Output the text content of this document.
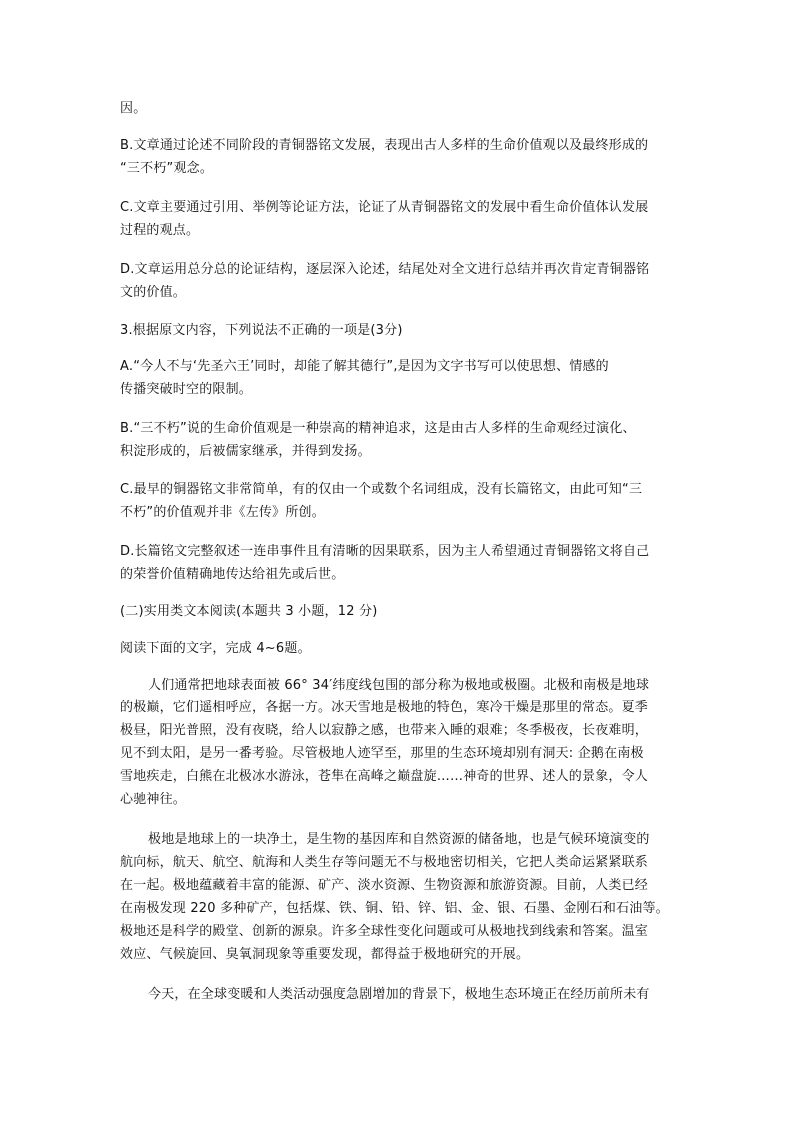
因。
B.文章通过论述不同阶段的青铜器铭文发展，表现出古人多样的生命价值观以及最终形成的
“三不朽”观念。
C.文章主要通过引用、举例等论证方法，论证了从青铜器铭文的发展中看生命价值体认发展
过程的观点。
D.文章运用总分总的论证结构，逐层深入论述，结尾处对全文进行总结并再次肯定青铜器铭
文的价值。
3.根据原文内容，下列说法不正确的一项是(3分)
A.“今人不与‘先圣六王’同时，却能了解其德行”,是因为文字书写可以使思想、情感的
传播突破时空的限制。
B.“三不朽”说的生命价值观是一种崇高的精神追求，这是由古人多样的生命观经过演化、
积淀形成的，后被儒家继承，并得到发扬。
C.最早的铜器铭文非常简单，有的仅由一个或数个名词组成，没有长篇铭文，由此可知“三
不朽”的价值观并非《左传》所创。
D.长篇铭文完整叙述一连串事件且有清晰的因果联系，因为主人希望通过青铜器铭文将自己
的荣誉价值精确地传达给祖先或后世。
(二)实用类文本阅读(本题共 3 小题，12 分)
阅读下面的文字，完成 4~6题。
人们通常把地球表面被 66° 34′纬度线包围的部分称为极地或极圈。北极和南极是地球
的极巅，它们遥相呼应，各据一方。冰天雪地是极地的特色，寒冷干燥是那里的常态。夏季
极昼，阳光普照，没有夜晓，给人以寂静之感，也带来入睡的艰难；冬季极夜，长夜难明，
见不到太阳，是另一番考验。尽管极地人迹罕至，那里的生态环境却别有洞天: 企鹅在南极
雪地疾走，白熊在北极冰水游泳，苍隼在高峰之巅盘旋……神奇的世界、述人的景象，令人
心驰神往。
极地是地球上的一块净土，是生物的基因库和自然资源的储备地，也是气候环境演变的
航向标，航天、航空、航海和人类生存等问题无不与极地密切相关，它把人类命运紧紧联系
在一起。极地蕴藏着丰富的能源、矿产、淡水资源、生物资源和旅游资源。目前，人类已经
在南极发现 220 多种矿产，包括煤、铁、铜、铅、锌、铝、金、银、石墨、金刚石和石油等。
极地还是科学的殿堂、创新的源泉。许多全球性变化问题或可从极地找到线索和答案。温室
效应、气候旋回、臭氧洞现象等重要发现，都得益于极地研究的开展。
今天，在全球变暖和人类活动强度急剧增加的背景下，极地生态环境正在经历前所未有
